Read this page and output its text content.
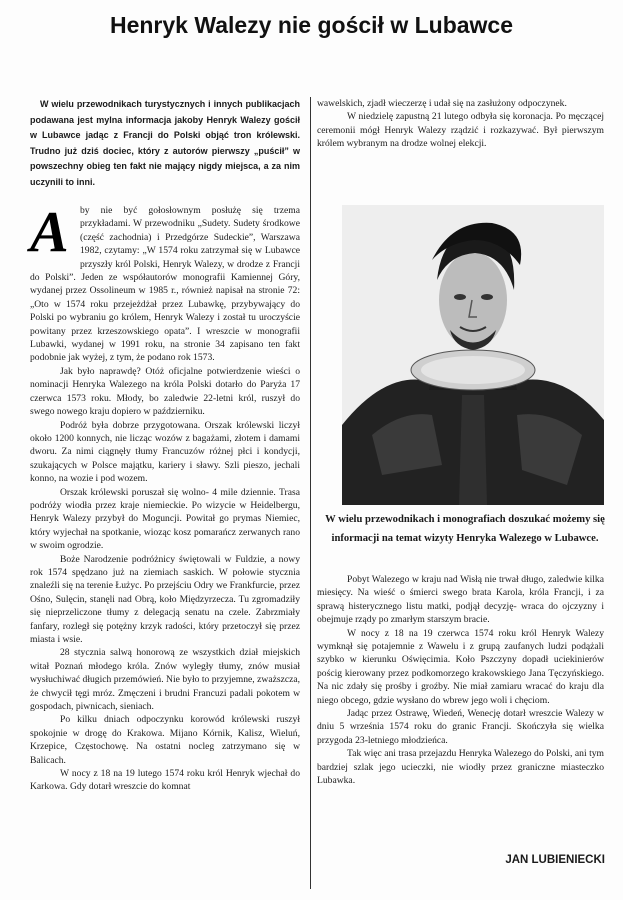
Henryk Walezy nie gościł w Lubawce

W wielu przewodnikach turystycznych i innych publikacjach podawana jest mylna informacja jakoby Henryk Walezy gościł w Lubawce jadąc z Francji do Polski objąć tron królewski. Trudno już dziś dociec, który z autorów pierwszy „puścił” w powszechny obieg ten fakt nie mający nigdy miejsca, a za nim uczynili to inni.

A	by nie być gołosłownym posłużę się trzema przykładami. W przewodniku „Sudety. Sudety środkowe (część zachodnia) i Przedgórze Sudeckie”, Warszawa 1982, czytamy: „W 1574 roku zatrzymał się w Lubawce przyszły król Polski, Henryk Walezy, w drodze z Francji do Polski”. Jeden ze współautorów monografii Kamiennej Góry, wydanej przez Ossolineum w 1985 r., również napisał na stronie 72: „Oto w 1574 roku przejeżdżał przez Lubawkę, przybywający do Polski po wybraniu go królem, Henryk Walezy i został tu uroczyście powitany przez krzeszowskiego opata”. I wreszcie w monografii Lubawki, wydanej w 1991 roku, na stronie 34 zapisano ten fakt podobnie jak wyżej, z tym, że podano rok 1573.

Jak było naprawdę? Otóż oficjalne potwierdzenie wieści o nominacji Henryka Walezego na króla Polski dotarło do Paryża 17 czerwca 1573 roku. Młody, bo zaledwie 22-letni król, ruszył do swego nowego kraju dopiero w październiku.

Podróż była dobrze przygotowana. Orszak królewski liczył około 1200 konnych, nie licząc wozów z bagażami, złotem i damami dworu. Za nimi ciągnęły tłumy Francuzów różnej płci i kondycji, szukających w Polsce majątku, kariery i sławy. Szli pieszo, jechali konno, na wozie i pod wozem.

Orszak królewski poruszał się wolno- 4 mile dziennie. Trasa podróży wiodła przez kraje niemieckie. Po wizycie w Heidelbergu, Henryk Walezy przybył do Moguncji. Powitał go prymas Niemiec, który wyjechał na spotkanie, wioząc kosz pomarańcz zerwanych rano w swoim ogrodzie.

Boże Narodzenie podróżnicy świętowali w Fuldzie, a nowy rok 1574 spędzano już na ziemiach saskich. W połowie stycznia znaleźli się na terenie Łużyc. Po przejściu Odry we Frankfurcie, przez Ośno, Sulęcin, stanęli nad Obrą, koło Międzyrzecza. Tu zgromadziły się nieprzeliczone tłumy z delegacją senatu na czele. Zabrzmiały fanfary, rozległ się potężny krzyk radości, który przetoczył się przez miasta i wsie.

28 stycznia salwą honorową ze wszystkich dział miejskich witał Poznań młodego króla. Znów wyległy tłumy, znów musiał wysłuchiwać długich przemówień. Nie było to przyjemne, zważszcza, że chwycił tęgi mróz. Zmęczeni i brudni Francuzi padali pokotem w gospodach, piwnicach, sieniach.

Po kilku dniach odpoczynku korowód królewski ruszył spokojnie w drogę do Krakowa. Mijano Kórnik, Kalisz, Wieluń, Krzepice, Częstochowę. Na ostatni nocleg zatrzymano się w Balicach.

W nocy z 18 na 19 lutego 1574 roku król Henryk wjechał do Karkowa. Gdy dotarł wreszcie do komnat

wawelskich, zjadł wieczerzę i udał się na zasłużony odpoczynek.

W niedzielę zapustną 21 lutego odbyła się koronacja. Po męczącej ceremonii mógł Henryk Walezy rządzić i rozkazywać. Był pierwszym królem wybranym na drodze wolnej elekcji.

W wielu przewodnikach i monografiach doszukać możemy się informacji na temat wizyty Henryka Walezego w Lubawce.

Pobyt Walezego w kraju nad Wisłą nie trwał długo, zaledwie kilka miesięcy. Na wieść o śmierci swego brata Karola, króla Francji, i za sprawą histerycznego listu matki, podjął decyzję- wraca do ojczyzny i obejmuje rządy po zmarłym starszym bracie.

W nocy z 18 na 19 czerwca 1574 roku król Henryk Walezy wymknął się potajemnie z Wawelu i z grupą zaufanych ludzi podążali szybko w kierunku Oświęcimia. Koło Pszczyny dopadł uciekinierów pościg kierowany przez podkomorzego krakowskiego Jana Tęczyńskiego. Na nic zdały się prośby i groźby. Nie miał zamiaru wracać do kraju dla niego obcego, gdzie wysłano do wbrew jego woli i chęciom.

Jadąc przez Ostrawę, Wiedeń, Wenecję dotarł wreszcie Walezy w dniu 5 września 1574 roku do granic Francji. Skończyła się wielka przygoda 23-letniego młodzieńca.

Tak więc ani trasa przejazdu Henryka Walezego do Polski, ani tym bardziej szlak jego ucieczki, nie wiodły przez graniczne miasteczko Lubawka.

JAN LUBIENIECKI
